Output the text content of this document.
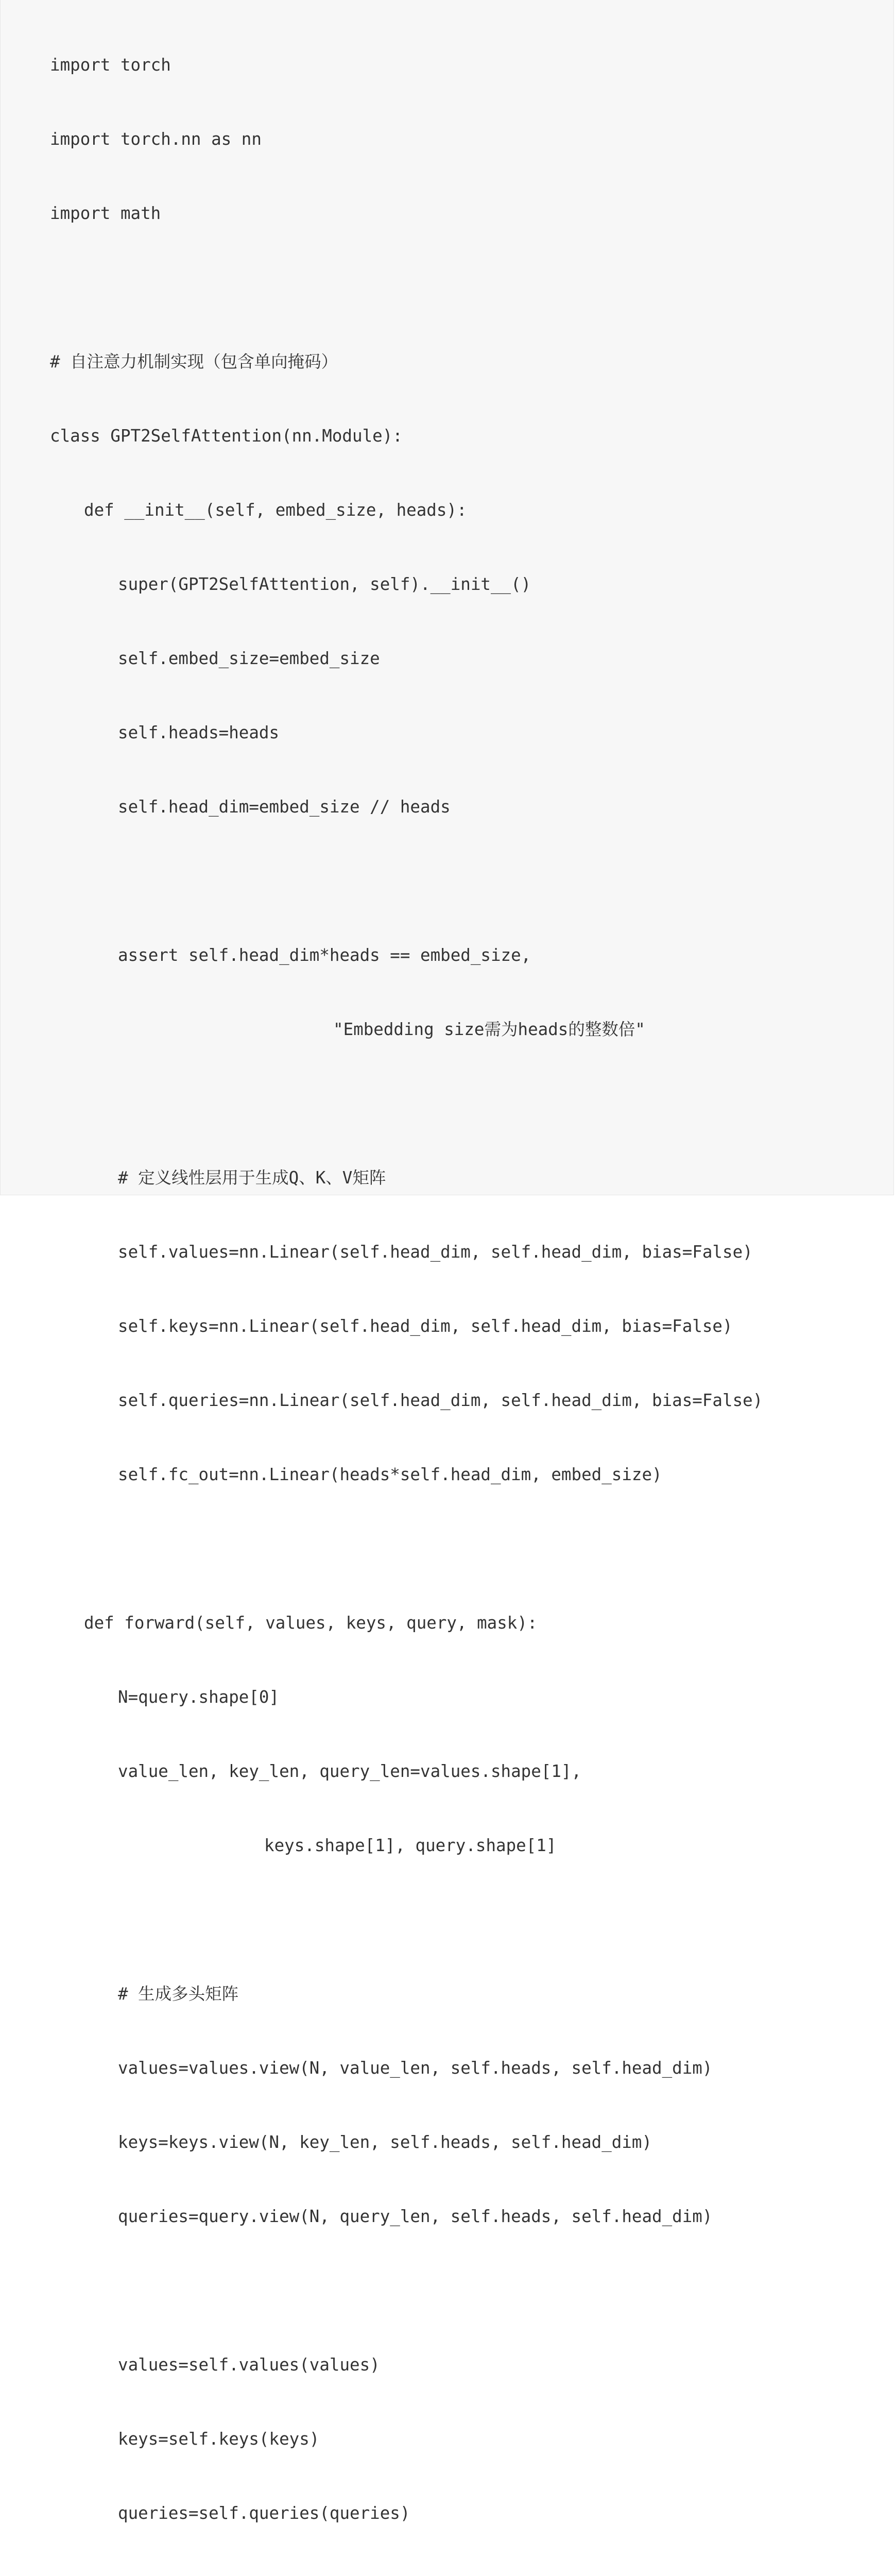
import torch

import torch.nn as nn

import math

# 自注意力机制实现（包含单向掩码）

class GPT2SelfAttention(nn.Module):

def __init__(self, embed_size, heads):

super(GPT2SelfAttention, self).__init__()

self.embed_size=embed_size

self.heads=heads

self.head_dim=embed_size // heads

assert self.head_dim*heads == embed_size,

"Embedding size需为heads的整数倍"

# 定义线性层用于生成Q、K、V矩阵

self.values=nn.Linear(self.head_dim, self.head_dim, bias=False)

self.keys=nn.Linear(self.head_dim, self.head_dim, bias=False)

self.queries=nn.Linear(self.head_dim, self.head_dim, bias=False)

self.fc_out=nn.Linear(heads*self.head_dim, embed_size)

def forward(self, values, keys, query, mask):

N=query.shape[0]

value_len, key_len, query_len=values.shape[1],

keys.shape[1], query.shape[1]

# 生成多头矩阵

values=values.view(N, value_len, self.heads, self.head_dim)

keys=keys.view(N, key_len, self.heads, self.head_dim)

queries=query.view(N, query_len, self.heads, self.head_dim)

values=self.values(values)

keys=self.keys(keys)

queries=self.queries(queries)
